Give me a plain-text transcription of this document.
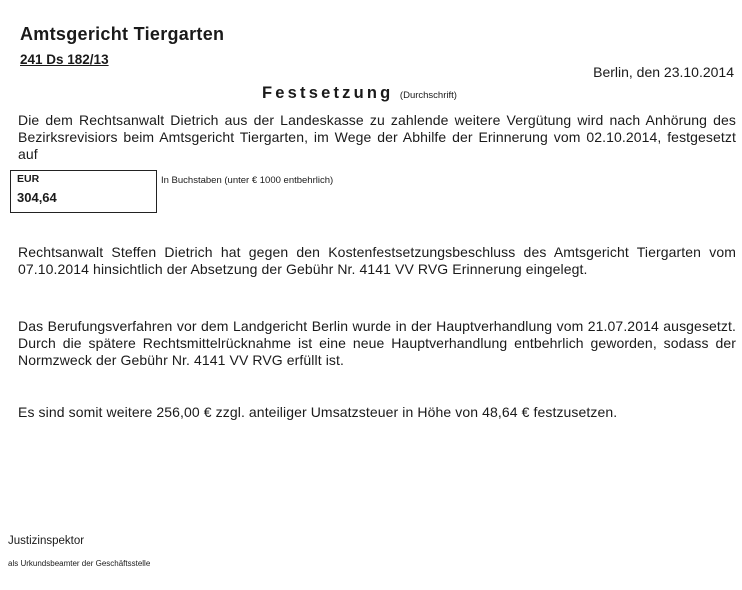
Amtsgericht Tiergarten
241 Ds 182/13
Berlin, den 23.10.2014
Festsetzung (Durchschrift)
Die dem Rechtsanwalt Dietrich aus der Landeskasse zu zahlende weitere Vergütung wird nach Anhörung des Bezirksrevisiors beim Amtsgericht Tiergarten, im Wege der Abhilfe der Erinnerung vom 02.10.2014, festgesetzt auf
EUR
304,64
In Buchstaben (unter € 1000 entbehrlich)
Rechtsanwalt Steffen Dietrich hat gegen den Kostenfestsetzungsbeschluss des Amtsgericht Tiergarten vom 07.10.2014 hinsichtlich der Absetzung der Gebühr Nr. 4141 VV RVG Erinnerung eingelegt.
Das Berufungsverfahren vor dem Landgericht Berlin wurde in der Hauptverhandlung vom 21.07.2014 ausgesetzt. Durch die spätere Rechtsmittelrücknahme ist eine neue Hauptverhandlung entbehrlich geworden, sodass der Normzweck der Gebühr Nr. 4141 VV RVG erfüllt ist.
Es sind somit weitere 256,00 € zzgl. anteiliger Umsatzsteuer in Höhe von 48,64 € festzusetzen.
Justizinspektor
als Urkundsbeamter der Geschäftsstelle
